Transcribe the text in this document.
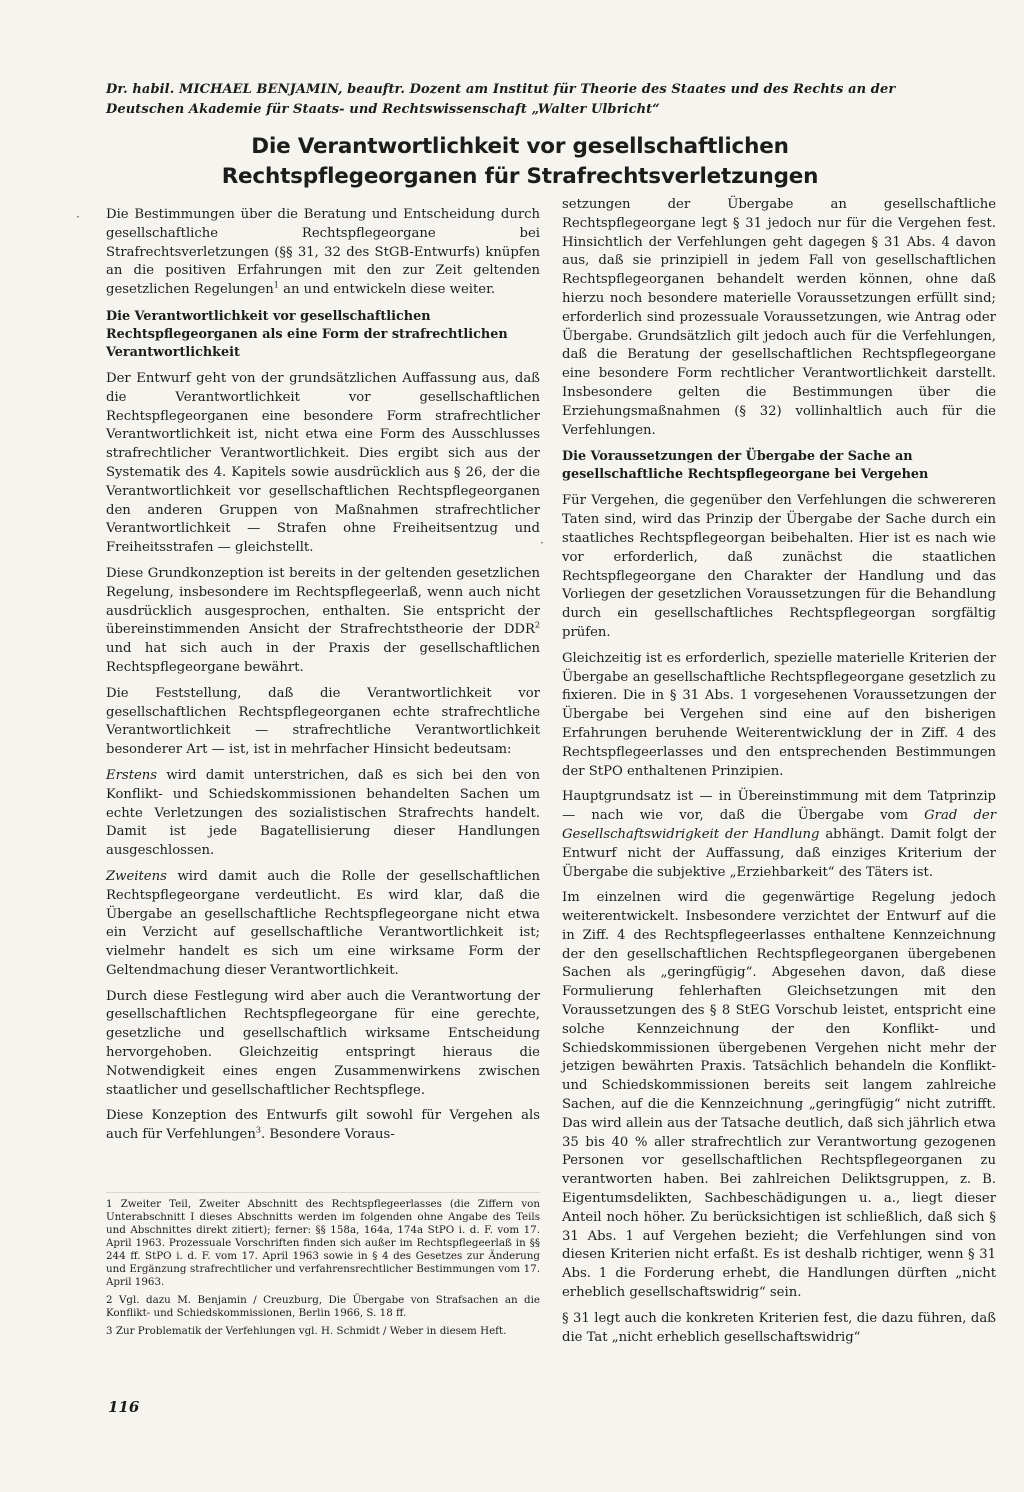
Dr. habil. MICHAEL BENJAMIN, beauftr. Dozent am Institut für Theorie des Staates und des Rechts an der Deutschen Akademie für Staats- und Rechtswissenschaft „Walter Ulbricht“
Die Verantwortlichkeit vor gesellschaftlichen
Rechtspflegeorganen für Strafrechtsverletzungen
· Die Bestimmungen über die Beratung und Entscheidung durch gesellschaftliche Rechtspflegeorgane bei Strafrechtsverletzungen (§§ 31, 32 des StGB-Entwurfs) knüpfen an die positiven Erfahrungen mit den zur Zeit geltenden gesetzlichen Regelungen$^1$ an und entwickeln diese weiter.

Die Verantwortlichkeit vor gesellschaftlichen Rechtspflegeorganen als eine Form der strafrechtlichen Verantwortlichkeit

Der Entwurf geht von der grundsätzlichen Auffassung aus, daß die Verantwortlichkeit vor gesellschaftlichen Rechtspflegeorganen eine besondere Form strafrechtlicher Verantwortlichkeit ist, nicht etwa eine Form des Ausschlusses strafrechtlicher Verantwortlichkeit. Dies ergibt sich aus der Systematik des 4. Kapitels sowie ausdrücklich aus § 26, der die Verantwortlichkeit vor gesellschaftlichen Rechtspflegeorganen den anderen Gruppen von Maßnahmen strafrechtlicher Verantwortlichkeit — Strafen ohne Freiheitsentzug und Freiheitsstrafen — gleichstellt.

Diese Grundkonzeption ist bereits in der geltenden gesetzlichen Regelung, insbesondere im Rechtspflegeerlaß, wenn auch nicht ausdrücklich ausgesprochen, enthalten. Sie entspricht der übereinstimmenden Ansicht der Strafrechtstheorie der DDR$^2$ und hat sich auch in der Praxis der gesellschaftlichen Rechtspflegeorgane bewährt.

Die Feststellung, daß die Verantwortlichkeit vor gesellschaftlichen Rechtspflegeorganen echte strafrechtliche Verantwortlichkeit — strafrechtliche Verantwortlichkeit besonderer Art — ist, ist in mehrfacher Hinsicht bedeutsam:

Erstens wird damit unterstrichen, daß es sich bei den von Konflikt- und Schiedskommissionen behandelten Sachen um echte Verletzungen des sozialistischen Strafrechts handelt. Damit ist jede Bagatellisierung dieser Handlungen ausgeschlossen.

Zweitens wird damit auch die Rolle der gesellschaftlichen Rechtspflegeorgane verdeutlicht. Es wird klar, daß die Übergabe an gesellschaftliche Rechtspflegeorgane nicht etwa ein Verzicht auf gesellschaftliche Verantwortlichkeit ist; vielmehr handelt es sich um eine wirksame Form der Geltendmachung dieser Verantwortlichkeit.

Durch diese Festlegung wird aber auch die Verantwortung der gesellschaftlichen Rechtspflegeorgane für eine gerechte, gesetzliche und gesellschaftlich wirksame Entscheidung hervorgehoben. Gleichzeitig entspringt hieraus die Notwendigkeit eines engen Zusammenwirkens zwischen staatlicher und gesellschaftlicher Rechtspflege.

Diese Konzeption des Entwurfs gilt sowohl für Vergehen als auch für Verfehlungen$^3$. Besondere Voraus-

1 Zweiter Teil, Zweiter Abschnitt des Rechtspflegeerlasses (die Ziffern von Unterabschnitt I dieses Abschnitts werden im folgenden ohne Angabe des Teils und Abschnittes direkt zitiert); ferner: §§ 158a, 164a, 174a StPO i. d. F. vom 17. April 1963. Prozessuale Vorschriften finden sich außer im Rechtspflegeerlaß in §§ 244 ff. StPO i. d. F. vom 17. April 1963 sowie in § 4 des Gesetzes zur Änderung und Ergänzung strafrechtlicher und verfahrensrechtlicher Bestimmungen vom 17. April 1963.
2 Vgl. dazu M. Benjamin / Creuzburg, Die Übergabe von Strafsachen an die Konflikt- und Schiedskommissionen, Berlin 1966, S. 18 ff.
3 Zur Problematik der Verfehlungen vgl. H. Schmidt / Weber in diesem Heft.
116
·

setzungen der Übergabe an gesellschaftliche Rechtspflegeorgane legt § 31 jedoch nur für die Vergehen fest. Hinsichtlich der Verfehlungen geht dagegen § 31 Abs. 4 davon aus, daß sie prinzipiell in jedem Fall von gesellschaftlichen Rechtspflegeorganen behandelt werden können, ohne daß hierzu noch besondere materielle Voraussetzungen erfüllt sind; erforderlich sind prozessuale Voraussetzungen, wie Antrag oder Übergabe. Grundsätzlich gilt jedoch auch für die Verfehlungen, daß die Beratung der gesellschaftlichen Rechtspflegeorgane eine besondere Form rechtlicher Verantwortlichkeit darstellt. Insbesondere gelten die Bestimmungen über die Erziehungsmaßnahmen (§ 32) vollinhaltlich auch für die Verfehlungen.

Die Voraussetzungen der Übergabe der Sache an gesellschaftliche Rechtspflegeorgane bei Vergehen

Für Vergehen, die gegenüber den Verfehlungen die schwereren Taten sind, wird das Prinzip der Übergabe der Sache durch ein staatliches Rechtspflegeorgan beibehalten. Hier ist es nach wie vor erforderlich, daß zunächst die staatlichen Rechtspflegeorgane den Charakter der Handlung und das Vorliegen der gesetzlichen Voraussetzungen für die Behandlung durch ein gesellschaftliches Rechtspflegeorgan sorgfältig prüfen.

Gleichzeitig ist es erforderlich, spezielle materielle Kriterien der Übergabe an gesellschaftliche Rechtspflegeorgane gesetzlich zu fixieren. Die in § 31 Abs. 1 vorgesehenen Voraussetzungen der Übergabe bei Vergehen sind eine auf den bisherigen Erfahrungen beruhende Weiterentwicklung der in Ziff. 4 des Rechtspflegeerlasses und den entsprechenden Bestimmungen der StPO enthaltenen Prinzipien.

Hauptgrundsatz ist — in Übereinstimmung mit dem Tatprinzip — nach wie vor, daß die Übergabe vom Grad der Gesellschaftswidrigkeit der Handlung abhängt. Damit folgt der Entwurf nicht der Auffassung, daß einziges Kriterium der Übergabe die subjektive „Erziehbarkeit“ des Täters ist.

Im einzelnen wird die gegenwärtige Regelung jedoch weiterentwickelt. Insbesondere verzichtet der Entwurf auf die in Ziff. 4 des Rechtspflegeerlasses enthaltene Kennzeichnung der den gesellschaftlichen Rechtspflegeorganen übergebenen Sachen als „geringfügig“. Abgesehen davon, daß diese Formulierung fehlerhaften Gleichsetzungen mit den Voraussetzungen des § 8 StEG Vorschub leistet, entspricht eine solche Kennzeichnung der den Konflikt- und Schiedskommissionen übergebenen Vergehen nicht mehr der jetzigen bewährten Praxis. Tatsächlich behandeln die Konflikt- und Schiedskommissionen bereits seit langem zahlreiche Sachen, auf die die Kennzeichnung „geringfügig“ nicht zutrifft. Das wird allein aus der Tatsache deutlich, daß sich jährlich etwa 35 bis 40 % aller strafrechtlich zur Verantwortung gezogenen Personen vor gesellschaftlichen Rechtspflegeorganen zu verantworten haben. Bei zahlreichen Deliktsgruppen, z. B. Eigentumsdelikten, Sachbeschädigungen u. a., liegt dieser Anteil noch höher. Zu berücksichtigen ist schließlich, daß sich § 31 Abs. 1 auf Vergehen bezieht; die Verfehlungen sind von diesen Kriterien nicht erfaßt. Es ist deshalb richtiger, wenn § 31 Abs. 1 die Forderung erhebt, die Handlungen dürften „nicht erheblich gesellschaftswidrig“ sein.

§ 31 legt auch die konkreten Kriterien fest, die dazu führen, daß die Tat „nicht erheblich gesellschaftswidrig“
